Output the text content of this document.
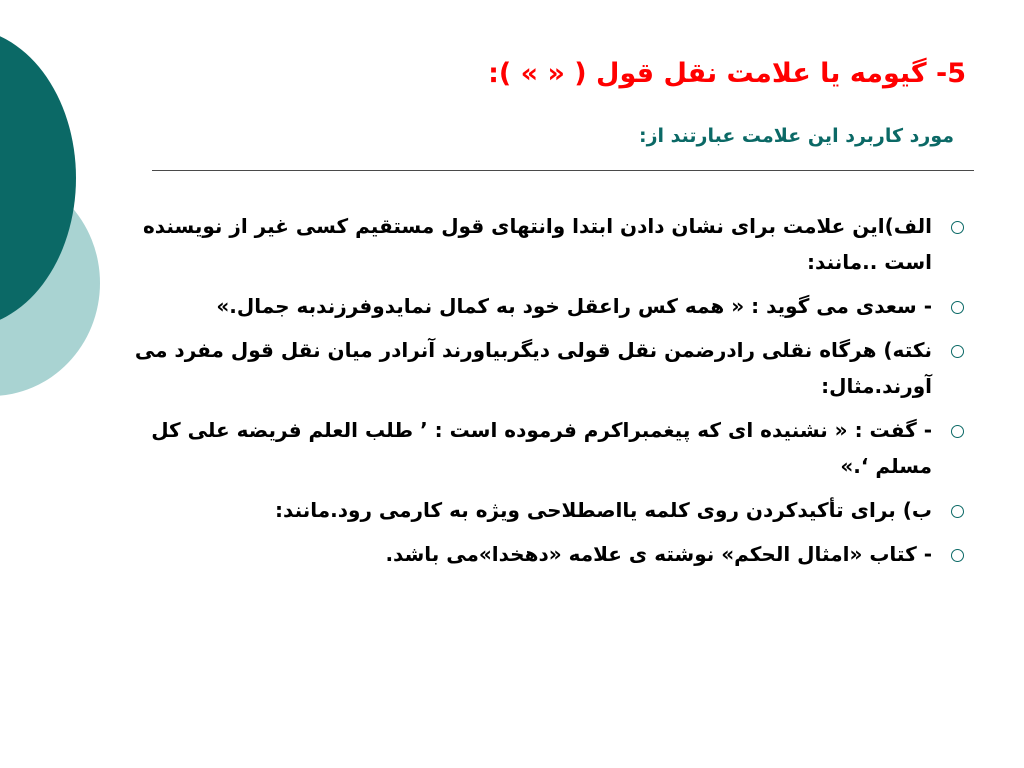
5- گیومه یا علامت نقل قول ( « » ):
مورد کاربرد این علامت عبارتند از:
الف)این علامت برای نشان دادن ابتدا وانتهای قول مستقیم کسی غیر از نویسنده است ..مانند:
- سعدی می گوید : « همه کس راعقل خود به کمال نمایدوفرزندبه جمال.»
نکته) هرگاه نقلی رادرضمن نقل قولی دیگربیاورند آنرادر میان نقل قول مفرد می آورند.مثال:
- گفت : « نشنیده ای که پیغمبراکرم فرموده است : ’ طلب العلم فریضه علی کل مسلم ‘.»
ب) برای تأکیدکردن روی کلمه یااصطلاحی ویژه به کارمی رود.مانند:
- کتاب «امثال الحکم» نوشته ی علامه «دهخدا»می باشد.
